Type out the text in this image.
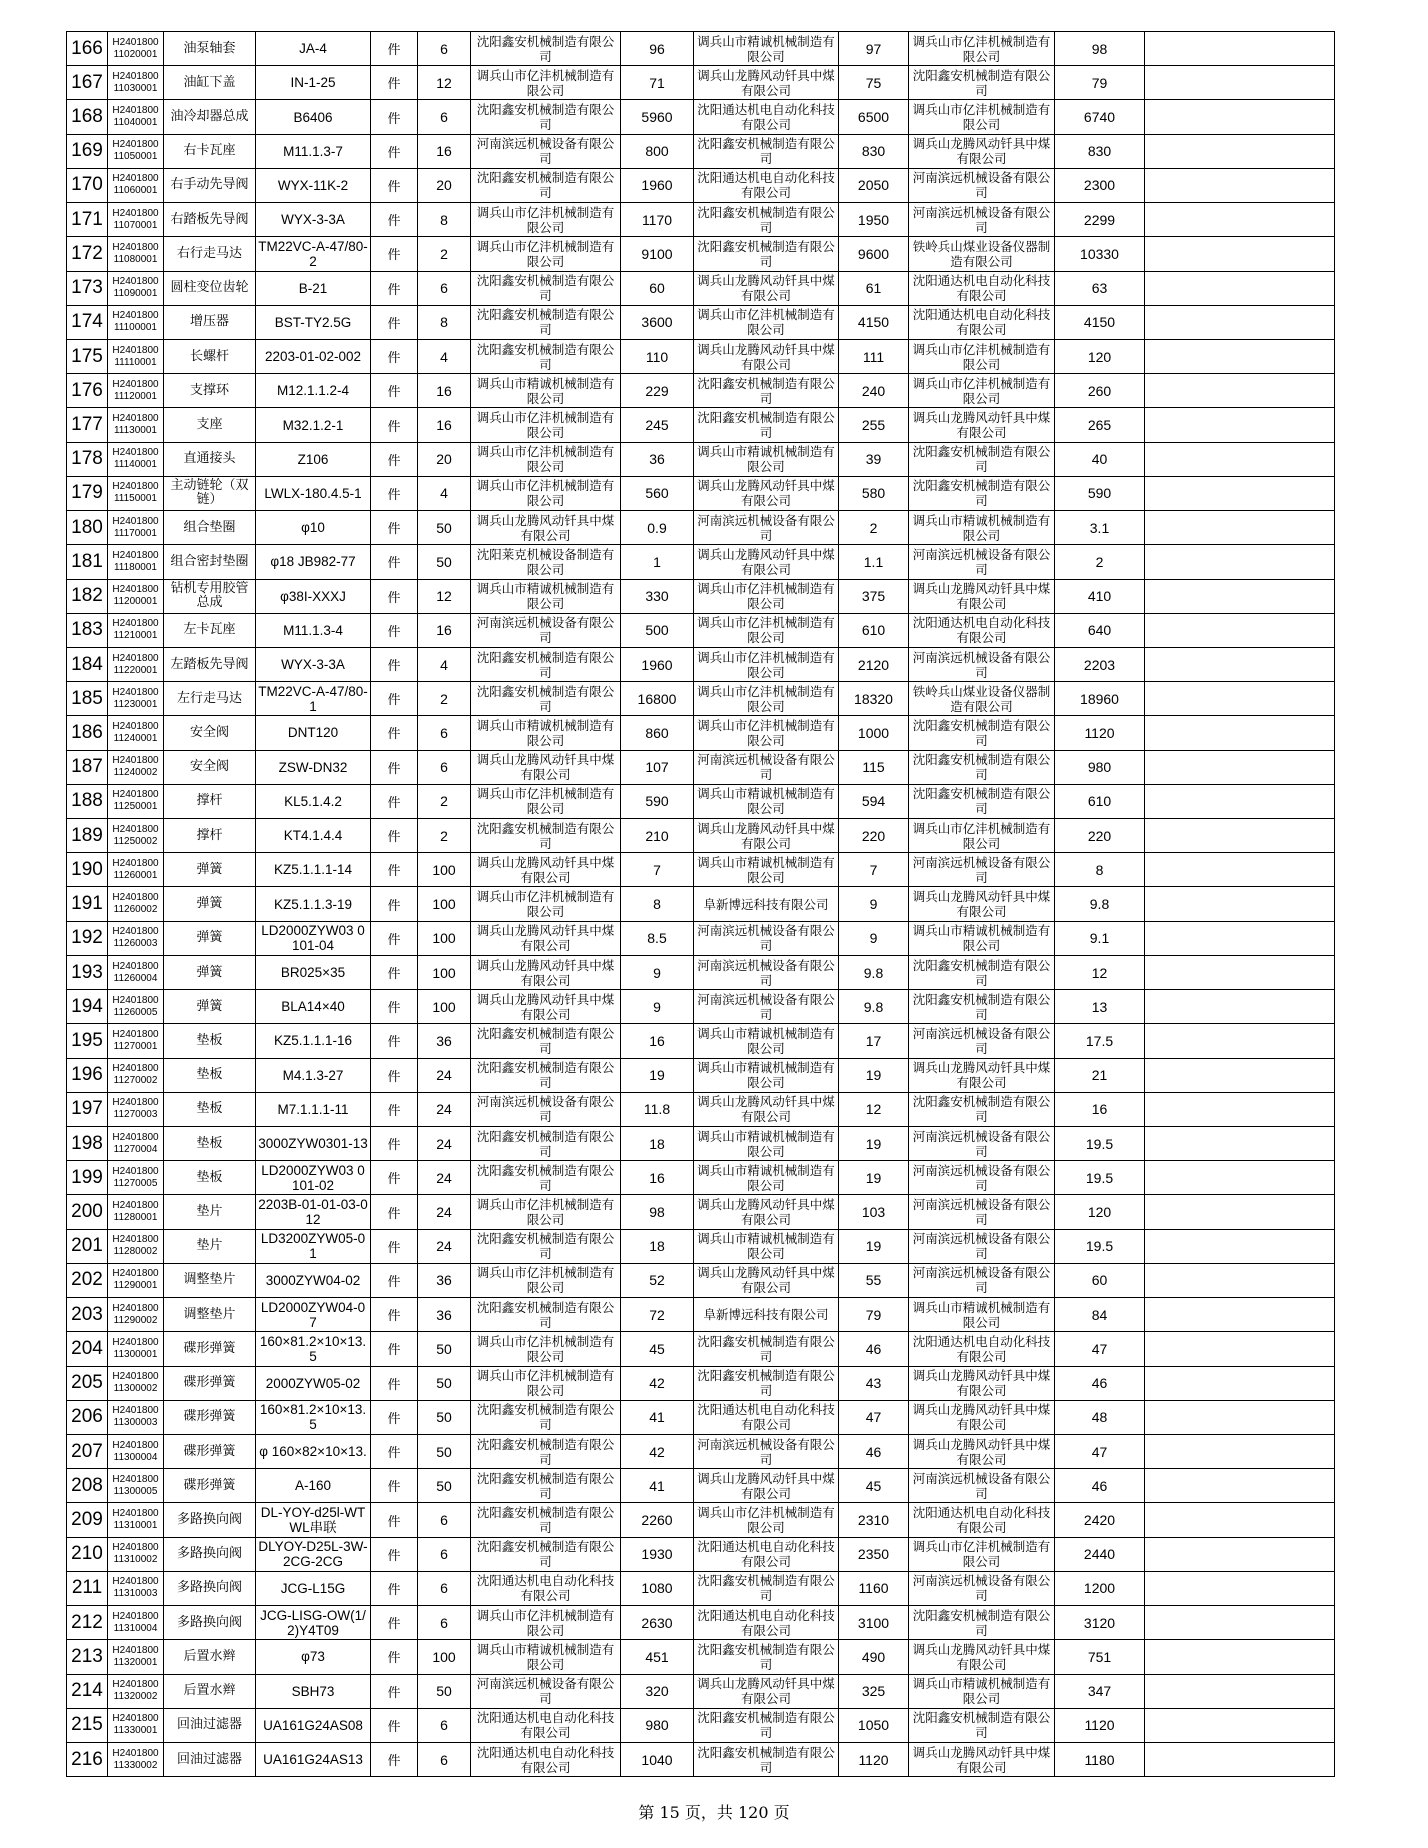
166	H2401800 11020001	油泵轴套	JA-4	件	6	沈阳鑫安机械制造有限公司	96	调兵山市精诚机械制造有限公司	97	调兵山市亿沣机械制造有限公司	98	
167	H2401800 11030001	油缸下盖	IN-1-25	件	12	调兵山市亿沣机械制造有限公司	71	调兵山龙腾风动钎具中煤有限公司	75	沈阳鑫安机械制造有限公司	79	
168	H2401800 11040001	油冷却器总成	B6406	件	6	沈阳鑫安机械制造有限公司	5960	沈阳通达机电自动化科技有限公司	6500	调兵山市亿沣机械制造有限公司	6740	
169	H2401800 11050001	右卡瓦座	M11.1.3-7	件	16	河南滨远机械设备有限公司	800	沈阳鑫安机械制造有限公司	830	调兵山龙腾风动钎具中煤有限公司	830	
170	H2401800 11060001	右手动先导阀	WYX-11K-2	件	20	沈阳鑫安机械制造有限公司	1960	沈阳通达机电自动化科技有限公司	2050	河南滨远机械设备有限公司	2300	
171	H2401800 11070001	右踏板先导阀	WYX-3-3A	件	8	调兵山市亿沣机械制造有限公司	1170	沈阳鑫安机械制造有限公司	1950	河南滨远机械设备有限公司	2299	
172	H2401800 11080001	右行走马达	TM22VC-A-47/80-2	件	2	调兵山市亿沣机械制造有限公司	9100	沈阳鑫安机械制造有限公司	9600	铁岭兵山煤业设备仪器制造有限公司	10330	
173	H2401800 11090001	圆柱变位齿轮	B-21	件	6	沈阳鑫安机械制造有限公司	60	调兵山龙腾风动钎具中煤有限公司	61	沈阳通达机电自动化科技有限公司	63	
174	H2401800 11100001	增压器	BST-TY2.5G	件	8	沈阳鑫安机械制造有限公司	3600	调兵山市亿沣机械制造有限公司	4150	沈阳通达机电自动化科技有限公司	4150	
175	H2401800 11110001	长螺杆	2203-01-02-002	件	4	沈阳鑫安机械制造有限公司	110	调兵山龙腾风动钎具中煤有限公司	111	调兵山市亿沣机械制造有限公司	120	
176	H2401800 11120001	支撑环	M12.1.1.2-4	件	16	调兵山市精诚机械制造有限公司	229	沈阳鑫安机械制造有限公司	240	调兵山市亿沣机械制造有限公司	260	
177	H2401800 11130001	支座	M32.1.2-1	件	16	调兵山市亿沣机械制造有限公司	245	沈阳鑫安机械制造有限公司	255	调兵山龙腾风动钎具中煤有限公司	265	
178	H2401800 11140001	直通接头	Z106	件	20	调兵山市亿沣机械制造有限公司	36	调兵山市精诚机械制造有限公司	39	沈阳鑫安机械制造有限公司	40	
179	H2401800 11150001	主动链轮（双链）	LWLX-180.4.5-1	件	4	调兵山市亿沣机械制造有限公司	560	调兵山龙腾风动钎具中煤有限公司	580	沈阳鑫安机械制造有限公司	590	
180	H2401800 11170001	组合垫圈	φ10	件	50	调兵山龙腾风动钎具中煤有限公司	0.9	河南滨远机械设备有限公司	2	调兵山市精诚机械制造有限公司	3.1	
181	H2401800 11180001	组合密封垫圈	φ18 JB982-77	件	50	沈阳莱克机械设备制造有限公司	1	调兵山龙腾风动钎具中煤有限公司	1.1	河南滨远机械设备有限公司	2	
182	H2401800 11200001	钻机专用胶管总成	φ38I-XXXJ	件	12	调兵山市精诚机械制造有限公司	330	调兵山市亿沣机械制造有限公司	375	调兵山龙腾风动钎具中煤有限公司	410	
183	H2401800 11210001	左卡瓦座	M11.1.3-4	件	16	河南滨远机械设备有限公司	500	调兵山市亿沣机械制造有限公司	610	沈阳通达机电自动化科技有限公司	640	
184	H2401800 11220001	左踏板先导阀	WYX-3-3A	件	4	沈阳鑫安机械制造有限公司	1960	调兵山市亿沣机械制造有限公司	2120	河南滨远机械设备有限公司	2203	
185	H2401800 11230001	左行走马达	TM22VC-A-47/80-1	件	2	沈阳鑫安机械制造有限公司	16800	调兵山市亿沣机械制造有限公司	18320	铁岭兵山煤业设备仪器制造有限公司	18960	
186	H2401800 11240001	安全阀	DNT120	件	6	调兵山市精诚机械制造有限公司	860	调兵山市亿沣机械制造有限公司	1000	沈阳鑫安机械制造有限公司	1120	
187	H2401800 11240002	安全阀	ZSW-DN32	件	6	调兵山龙腾风动钎具中煤有限公司	107	河南滨远机械设备有限公司	115	沈阳鑫安机械制造有限公司	980	
188	H2401800 11250001	撑杆	KL5.1.4.2	件	2	调兵山市亿沣机械制造有限公司	590	调兵山市精诚机械制造有限公司	594	沈阳鑫安机械制造有限公司	610	
189	H2401800 11250002	撑杆	KT4.1.4.4	件	2	沈阳鑫安机械制造有限公司	210	调兵山龙腾风动钎具中煤有限公司	220	调兵山市亿沣机械制造有限公司	220	
190	H2401800 11260001	弹簧	KZ5.1.1.1-14	件	100	调兵山龙腾风动钎具中煤有限公司	7	调兵山市精诚机械制造有限公司	7	河南滨远机械设备有限公司	8	
191	H2401800 11260002	弹簧	KZ5.1.1.3-19	件	100	调兵山市亿沣机械制造有限公司	8	阜新博远科技有限公司	9	调兵山龙腾风动钎具中煤有限公司	9.8	
192	H2401800 11260003	弹簧	LD2000ZYW03 0101-04	件	100	调兵山龙腾风动钎具中煤有限公司	8.5	河南滨远机械设备有限公司	9	调兵山市精诚机械制造有限公司	9.1	
193	H2401800 11260004	弹簧	BR025×35	件	100	调兵山龙腾风动钎具中煤有限公司	9	河南滨远机械设备有限公司	9.8	沈阳鑫安机械制造有限公司	12	
194	H2401800 11260005	弹簧	BLA14×40	件	100	调兵山龙腾风动钎具中煤有限公司	9	河南滨远机械设备有限公司	9.8	沈阳鑫安机械制造有限公司	13	
195	H2401800 11270001	垫板	KZ5.1.1.1-16	件	36	沈阳鑫安机械制造有限公司	16	调兵山市精诚机械制造有限公司	17	河南滨远机械设备有限公司	17.5	
196	H2401800 11270002	垫板	M4.1.3-27	件	24	沈阳鑫安机械制造有限公司	19	调兵山市精诚机械制造有限公司	19	调兵山龙腾风动钎具中煤有限公司	21	
197	H2401800 11270003	垫板	M7.1.1.1-11	件	24	河南滨远机械设备有限公司	11.8	调兵山龙腾风动钎具中煤有限公司	12	沈阳鑫安机械制造有限公司	16	
198	H2401800 11270004	垫板	3000ZYW0301-13	件	24	沈阳鑫安机械制造有限公司	18	调兵山市精诚机械制造有限公司	19	河南滨远机械设备有限公司	19.5	
199	H2401800 11270005	垫板	LD2000ZYW03 0101-02	件	24	沈阳鑫安机械制造有限公司	16	调兵山市精诚机械制造有限公司	19	河南滨远机械设备有限公司	19.5	
200	H2401800 11280001	垫片	2203B-01-01-03-012	件	24	调兵山市亿沣机械制造有限公司	98	调兵山龙腾风动钎具中煤有限公司	103	河南滨远机械设备有限公司	120	
201	H2401800 11280002	垫片	LD3200ZYW05-01	件	24	沈阳鑫安机械制造有限公司	18	调兵山市精诚机械制造有限公司	19	河南滨远机械设备有限公司	19.5	
202	H2401800 11290001	调整垫片	3000ZYW04-02	件	36	调兵山市亿沣机械制造有限公司	52	调兵山龙腾风动钎具中煤有限公司	55	河南滨远机械设备有限公司	60	
203	H2401800 11290002	调整垫片	LD2000ZYW04-07	件	36	沈阳鑫安机械制造有限公司	72	阜新博远科技有限公司	79	调兵山市精诚机械制造有限公司	84	
204	H2401800 11300001	碟形弹簧	160×81.2×10×13.5	件	50	调兵山市亿沣机械制造有限公司	45	沈阳鑫安机械制造有限公司	46	沈阳通达机电自动化科技有限公司	47	
205	H2401800 11300002	碟形弹簧	2000ZYW05-02	件	50	调兵山市亿沣机械制造有限公司	42	沈阳鑫安机械制造有限公司	43	调兵山龙腾风动钎具中煤有限公司	46	
206	H2401800 11300003	碟形弹簧	160×81.2×10×13.5	件	50	沈阳鑫安机械制造有限公司	41	沈阳通达机电自动化科技有限公司	47	调兵山龙腾风动钎具中煤有限公司	48	
207	H2401800 11300004	碟形弹簧	φ 160×82×10×13.	件	50	沈阳鑫安机械制造有限公司	42	河南滨远机械设备有限公司	46	调兵山龙腾风动钎具中煤有限公司	47	
208	H2401800 11300005	碟形弹簧	A-160	件	50	沈阳鑫安机械制造有限公司	41	调兵山龙腾风动钎具中煤有限公司	45	河南滨远机械设备有限公司	46	
209	H2401800 11310001	多路换向阀	DL-YOY-d25l-WTWL串联	件	6	沈阳鑫安机械制造有限公司	2260	调兵山市亿沣机械制造有限公司	2310	沈阳通达机电自动化科技有限公司	2420	
210	H2401800 11310002	多路换向阀	DLYOY-D25L-3W-2CG-2CG	件	6	沈阳鑫安机械制造有限公司	1930	沈阳通达机电自动化科技有限公司	2350	调兵山市亿沣机械制造有限公司	2440	
211	H2401800 11310003	多路换向阀	JCG-L15G	件	6	沈阳通达机电自动化科技有限公司	1080	沈阳鑫安机械制造有限公司	1160	河南滨远机械设备有限公司	1200	
212	H2401800 11310004	多路换向阀	JCG-LISG-OW(1/2)Y4T09	件	6	调兵山市亿沣机械制造有限公司	2630	沈阳通达机电自动化科技有限公司	3100	沈阳鑫安机械制造有限公司	3120	
213	H2401800 11320001	后置水辫	φ73	件	100	调兵山市精诚机械制造有限公司	451	沈阳鑫安机械制造有限公司	490	调兵山龙腾风动钎具中煤有限公司	751	
214	H2401800 11320002	后置水辫	SBH73	件	50	河南滨远机械设备有限公司	320	调兵山龙腾风动钎具中煤有限公司	325	调兵山市精诚机械制造有限公司	347	
215	H2401800 11330001	回油过滤器	UA161G24AS08	件	6	沈阳通达机电自动化科技有限公司	980	沈阳鑫安机械制造有限公司	1050	沈阳鑫安机械制造有限公司	1120	
216	H2401800 11330002	回油过滤器	UA161G24AS13	件	6	沈阳通达机电自动化科技有限公司	1040	沈阳鑫安机械制造有限公司	1120	调兵山龙腾风动钎具中煤有限公司	1180	
第 15 页，共 120 页
